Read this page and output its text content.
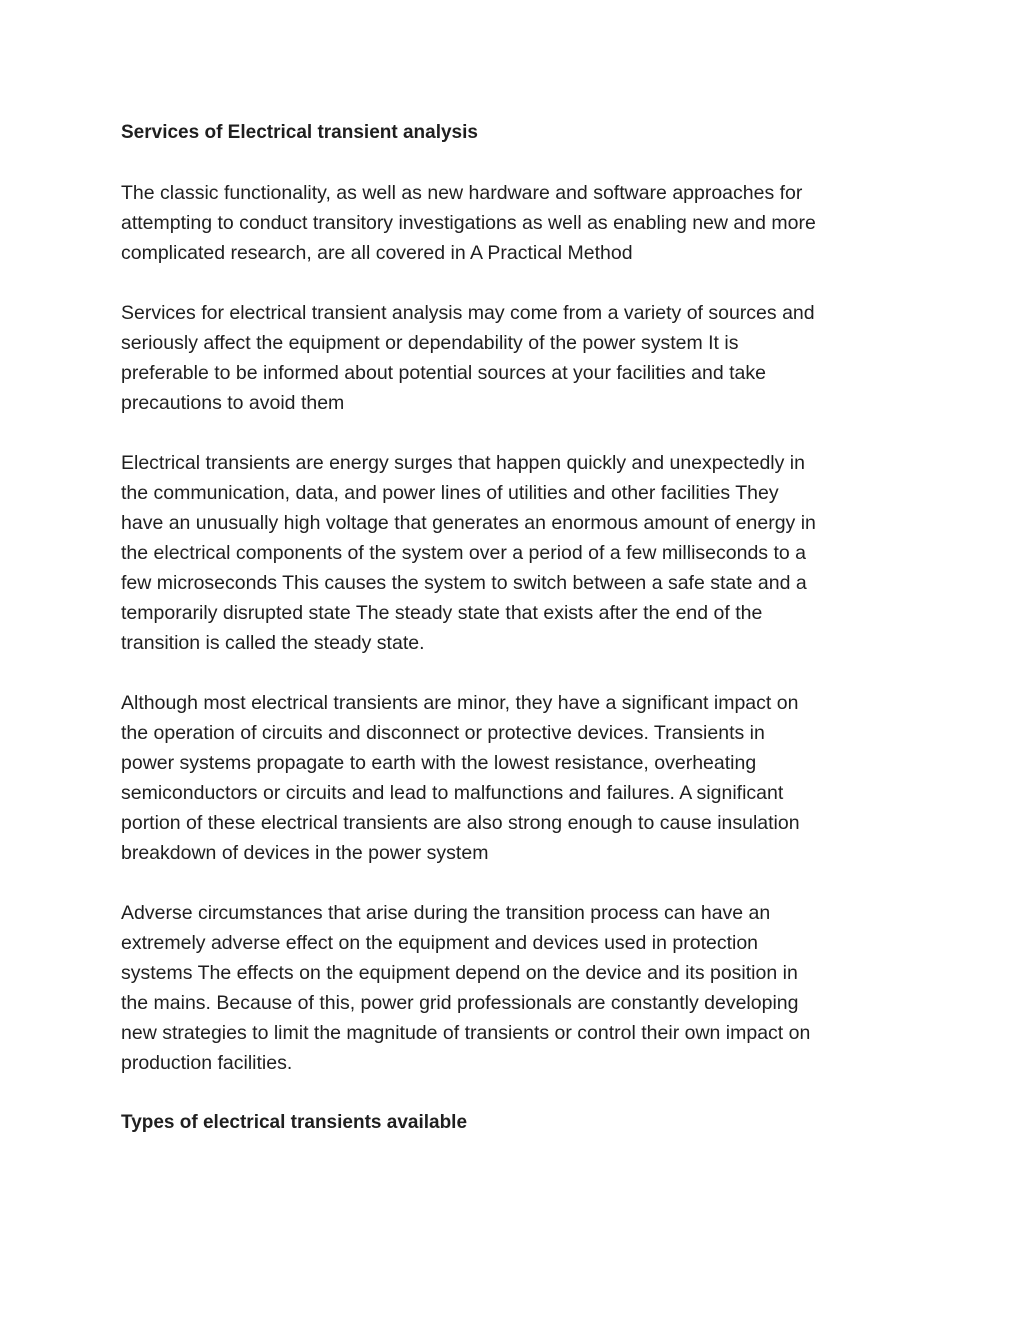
Services of Electrical transient analysis
The classic functionality, as well as new hardware and software approaches for
attempting to conduct transitory investigations as well as enabling new and more
complicated research, are all covered in A Practical Method
Services for electrical transient analysis may come from a variety of sources and
seriously affect the equipment or dependability of the power system It is
preferable to be informed about potential sources at your facilities and take
precautions to avoid them
Electrical transients are energy surges that happen quickly and unexpectedly in
the communication, data, and power lines of utilities and other facilities They
have an unusually high voltage that generates an enormous amount of energy in
the electrical components of the system over a period of a few milliseconds to a
few microseconds This causes the system to switch between a safe state and a
temporarily disrupted state The steady state that exists after the end of the
transition is called the steady state.
Although most electrical transients are minor, they have a significant impact on
the operation of circuits and disconnect or protective devices. Transients in
power systems propagate to earth with the lowest resistance, overheating
semiconductors or circuits and lead to malfunctions and failures. A significant
portion of these electrical transients are also strong enough to cause insulation
breakdown of devices in the power system
Adverse circumstances that arise during the transition process can have an
extremely adverse effect on the equipment and devices used in protection
systems The effects on the equipment depend on the device and its position in
the mains. Because of this, power grid professionals are constantly developing
new strategies to limit the magnitude of transients or control their own impact on
production facilities.
Types of electrical transients available
